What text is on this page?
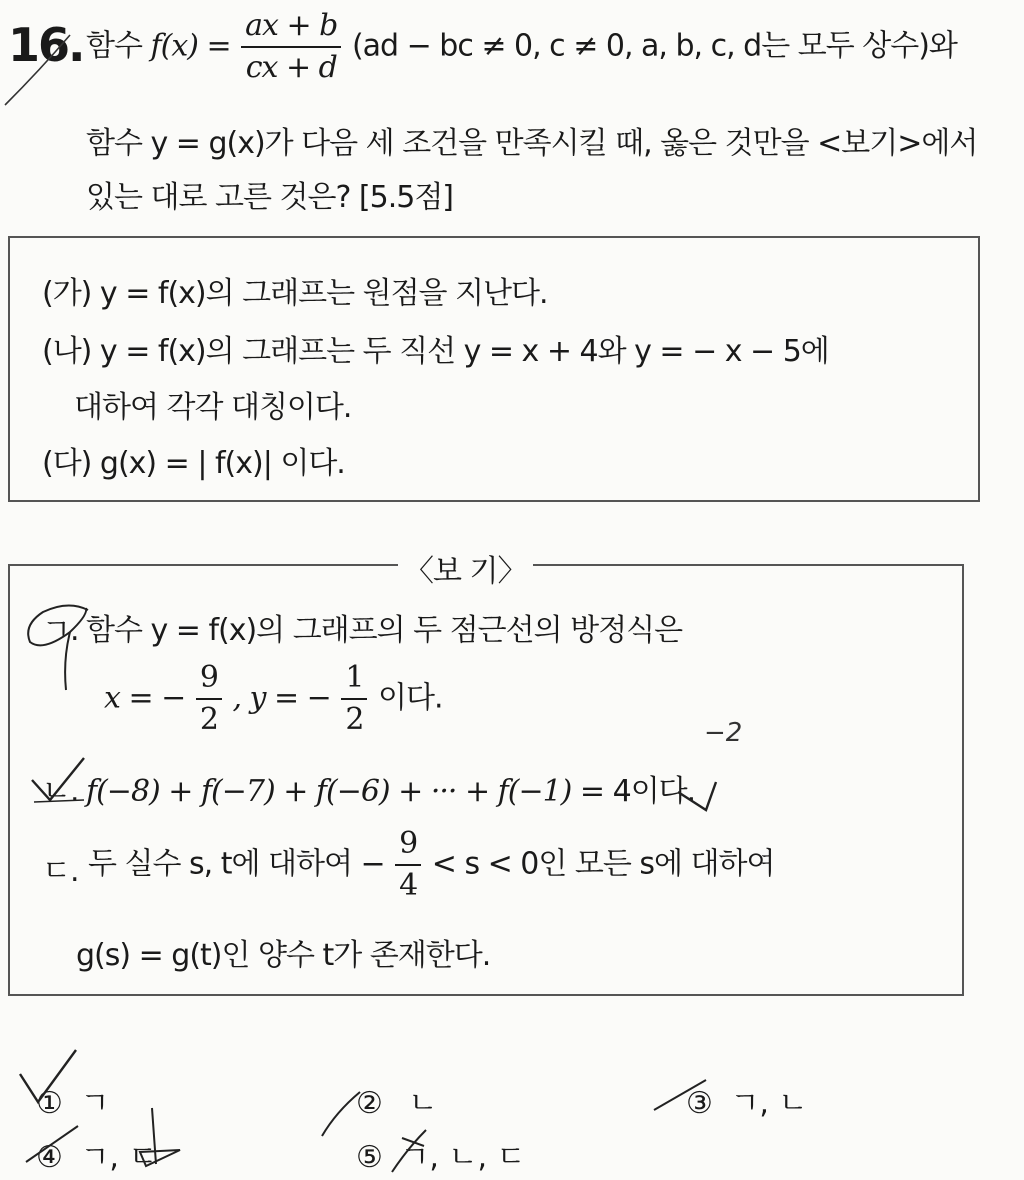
16. 함수 $f(x) = \frac{ax + b}{cx + d} (ad$ − bc ≠ 0, c ≠ 0, a, b, c, d는 모두 상수)와
함수 y = g(x)가 다음 세 조건을 만족시킬 때, 옳은 것만을 <보기>에서
있는 대로 고른 것은? [5.5점]
(가) y = f(x)의 그래프는 원점을 지난다.
(나) y = f(x)의 그래프는 두 직선 y = x + 4와 y = − x − 5에
대하여 각각 대칭이다.
(다) g(x) = | f(x)| 이다.
〈보 기〉
ㄱ. 함수 y = f(x)의 그래프의 두 점근선의 방정식은
x = − $\frac{9}{2}$ , y = − $\frac{1}{2}$ 이다.
ㄴ. f(−8) + f(−7) + f(−6) + ··· + f(−1) = 4이다.
−2
ㄷ. 두 실수 s, t에 대하여 − $\frac{9}{4} < s < 0$인 모든 s에 대하여
g(s) = g(t)인 양수 t가 존재한다.
① ㄱ	② ㄴ	③ ㄱ, ㄴ
④ ㄱ, ㄷ	⑤ ㄱ, ㄴ, ㄷ
